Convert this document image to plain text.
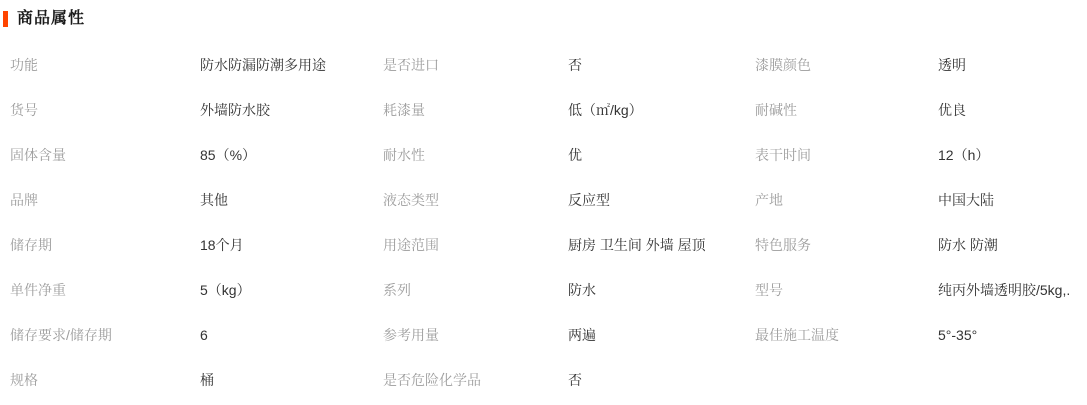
商品属性
功能	防水防漏防潮多用途	是否进口	否	漆膜颜色	透明
货号	外墙防水胶	耗漆量	低（㎡/kg）	耐碱性	优良
固体含量	85（%）	耐水性	优	表干时间	12（h）
品牌	其他	液态类型	反应型	产地	中国大陆
储存期	18个月	用途范围	厨房 卫生间 外墙 屋顶	特色服务	防水 防潮
单件净重	5（kg）	系列	防水	型号	纯丙外墙透明胶/5kg,.
储存要求/储存期	6	参考用量	两遍	最佳施工温度	5°-35°
规格	桶	是否危险化学品	否
